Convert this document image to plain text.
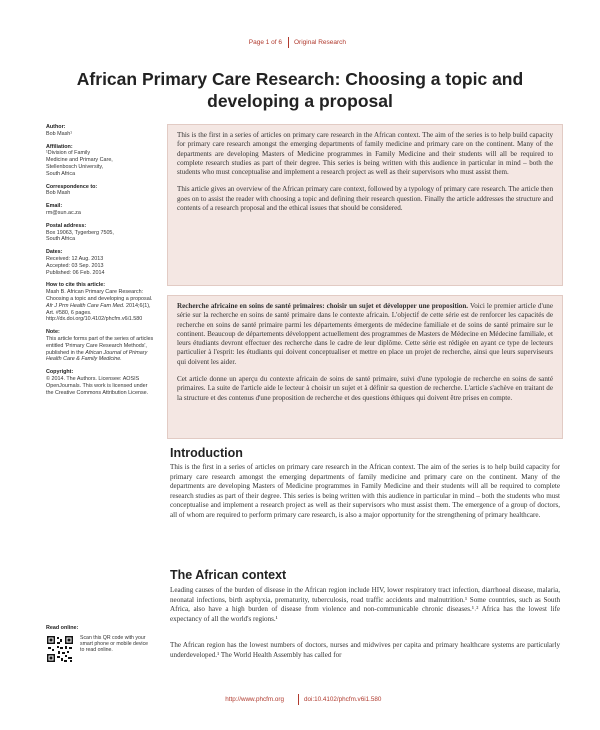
Page 1 of 6 Original Research
African Primary Care Research: Choosing a topic and developing a proposal
Author:
Bob Mash¹
Affiliation:
¹Division of Family
Medicine and Primary Care,
Stellenbosch University,
South Africa
Correspondence to:
Bob Mash
Email:
rm@sun.ac.za
Postal address:
Box 19063, Tygerberg 7505,
South Africa
Dates:
Received: 12 Aug. 2013
Accepted: 03 Sep. 2013
Published: 06 Feb. 2014
How to cite this article:
Mash B. African Primary Care Research: Choosing a topic and developing a proposal. Afr J Prm Health Care Fam Med. 2014;6(1), Art. #580, 6 pages. http://dx.doi.org/10.4102/phcfm.v6i1.580
Note:
This article forms part of the series of articles entitled 'Primary Care Research Methods', published in the African Journal of Primary Health Care & Family Medicine.
Copyright:
© 2014. The Authors. Licensee: AOSIS OpenJournals. This work is licensed under the Creative Commons Attribution License.
Read online:
Scan this QR code with your smart phone or mobile device to read online.

This is the first in a series of articles on primary care research in the African context. The aim of the series is to help build capacity for primary care research amongst the emerging departments of family medicine and primary care on the continent. Many of the departments are developing Masters of Medicine programmes in Family Medicine and their students will all be required to complete research studies as part of their degree. This series is being written with this audience in particular in mind – both the students who must conceptualise and implement a research project as well as their supervisors who must assist them.

This article gives an overview of the African primary care context, followed by a typology of primary care research. The article then goes on to assist the reader with choosing a topic and defining their research question. Finally the article addresses the structure and contents of a research proposal and the ethical issues that should be considered.

Recherche africaine en soins de santé primaires: choisir un sujet et développer une proposition. Voici le premier article d'une série sur la recherche en soins de santé primaire dans le contexte africain. L'objectif de cette série est de renforcer les capacités de recherche en soins de santé primaire parmi les départements émergents de médecine familiale et de soins de santé primaire sur le continent. Beaucoup de départements développent actuellement des programmes de Masters de Médecine en Médecine familiale, et leurs étudiants devront effectuer des recherche dans le cadre de leur diplôme. Cette série est rédigée en ayant ce type de lecteurs particulier à l'esprit: les étudiants qui doivent conceptualiser et mettre en place un projet de recherche, ainsi que leurs superviseurs qui doivent les aider.

Cet article donne un aperçu du contexte africain de soins de santé primaire, suivi d'une typologie de recherche en soins de santé primaires. I.a suite de l'article aide le lecteur à choisir un sujet et à définir sa question de recherche. L'article s'achève en traitant de la structure et des contenus d'une proposition de recherche et des questions éthiques qui doivent être prises en compte.

Introduction

This is the first in a series of articles on primary care research in the African context. The aim of the series is to help build capacity for primary care research amongst the emerging departments of family medicine and primary care on the continent. Many of the departments are developing Masters of Medicine programmes in Family Medicine and their students will all be required to complete research studies as part of their degree. This series is being written with this audience in particular in mind – both the students who must conceptualise and implement a research project as well as their supervisors who must assist them. The emergence of a group of doctors, all of whom are required to perform primary care research, is also a major opportunity for the strengthening of primary healthcare.

The African context

Leading causes of the burden of disease in the African region include HIV, lower respiratory tract infection, diarrhoeal disease, malaria, neonatal infections, birth asphyxia, prematurity, tuberculosis, road traffic accidents and malnutrition.¹ Some countries, such as South Africa, also have a high burden of disease from violence and non-communicable chronic diseases.¹˒² Africa has the lowest life expectancy of all the world's regions.¹

The African region has the lowest numbers of doctors, nurses and midwives per capita and primary healthcare systems are particularly underdeveloped.¹ The World Health Assembly has called for

http://www.phcfm.org	doi:10.4102/phcfm.v6i1.580
